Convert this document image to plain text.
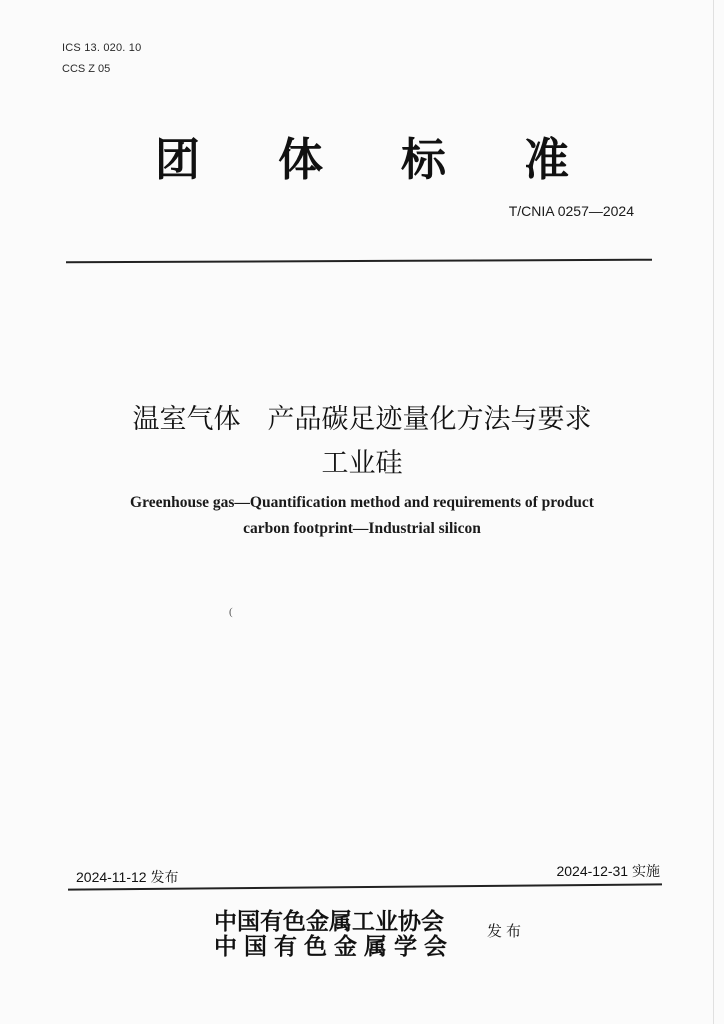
ICS 13. 020. 10
CCS Z 05
团体标准
T/CNIA 0257—2024
温室气体　产品碳足迹量化方法与要求
工业硅
Greenhouse gas—Quantification method and requirements of product
carbon footprint—Industrial silicon
(
2024-11-12 发布	2024-12-31 实施
中国有色金属工业协会
中国有色金属学会
发布
